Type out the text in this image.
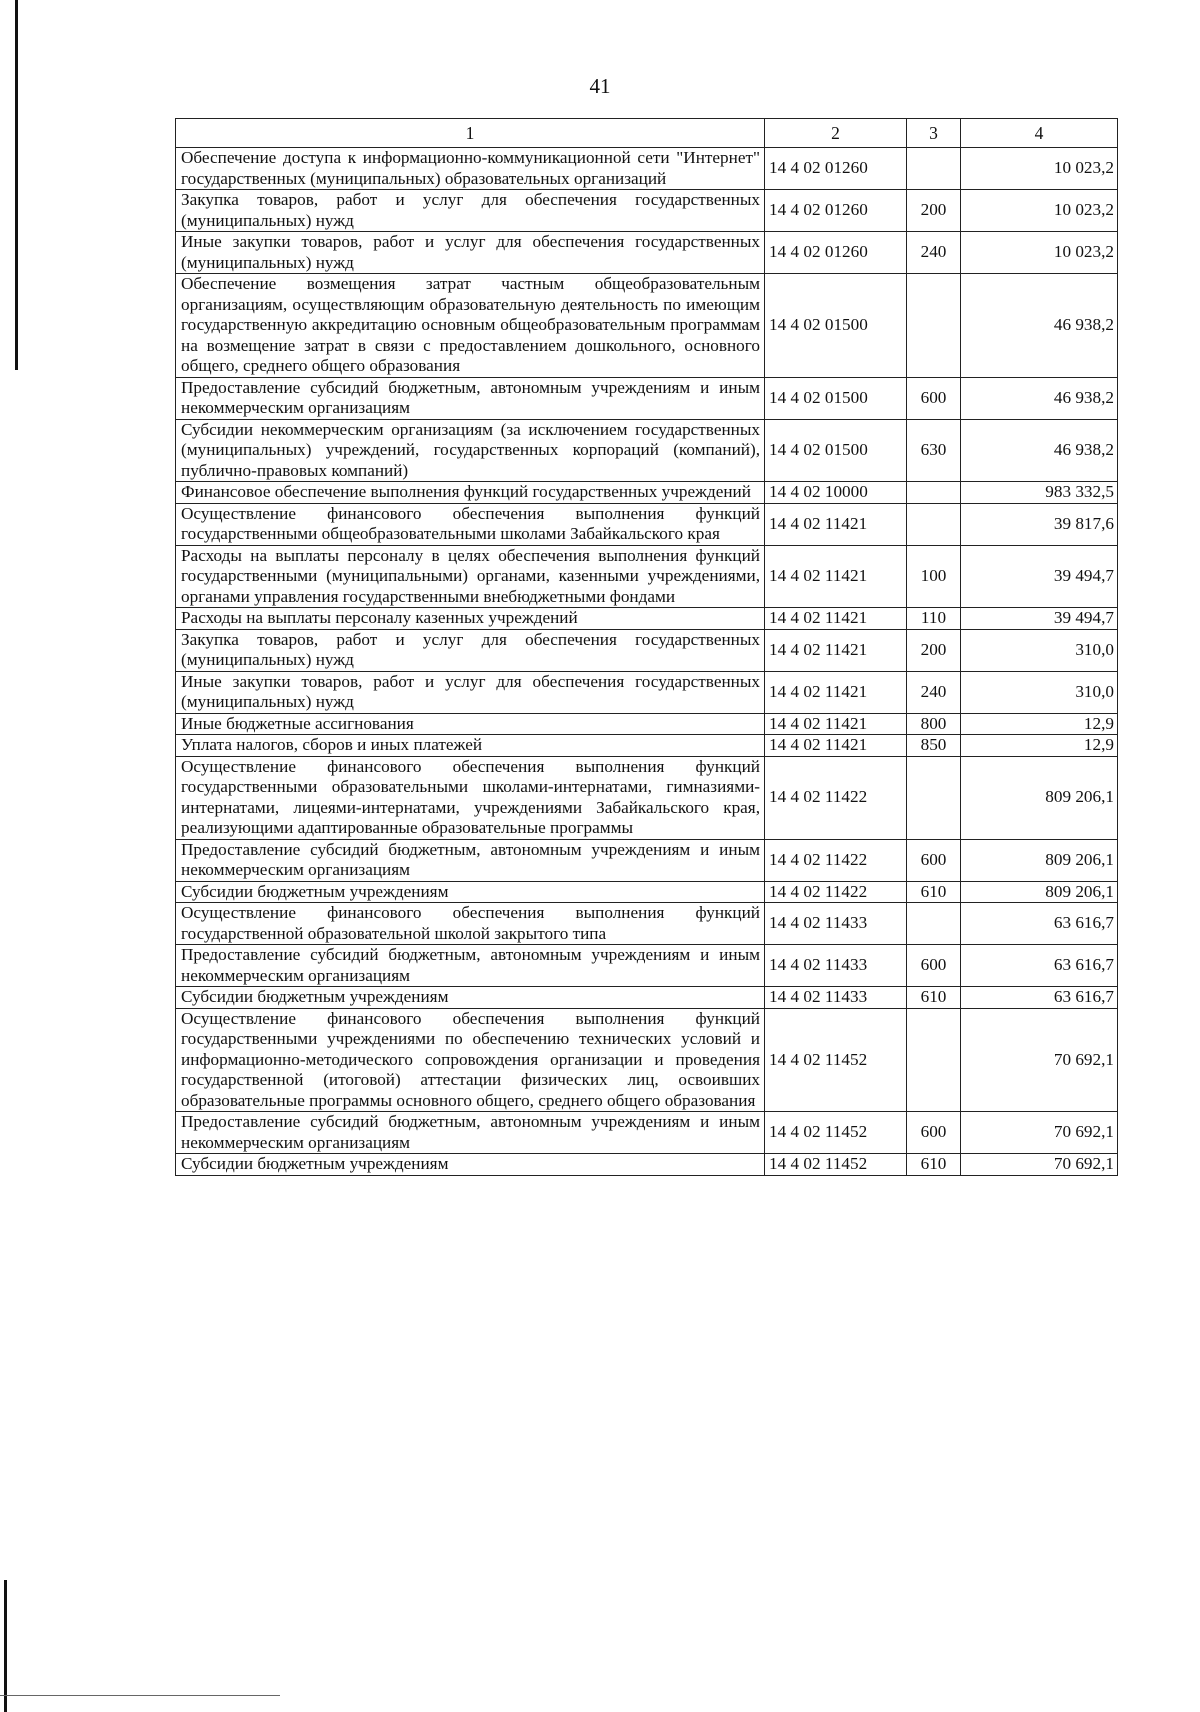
41
1	2	3	4
Обеспечение доступа к информационно-коммуникационной сети "Интернет" государственных (муниципальных) образовательных организаций	14 4 02 01260		10 023,2
Закупка товаров, работ и услуг для обеспечения государственных (муниципальных) нужд	14 4 02 01260	200	10 023,2
Иные закупки товаров, работ и услуг для обеспечения государственных (муниципальных) нужд	14 4 02 01260	240	10 023,2
Обеспечение возмещения затрат частным общеобразовательным организациям, осуществляющим образовательную деятельность по имеющим государственную аккредитацию основным общеобразовательным программам на возмещение затрат в связи с предоставлением дошкольного, основного общего, среднего общего образования	14 4 02 01500		46 938,2
Предоставление субсидий бюджетным, автономным учреждениям и иным некоммерческим организациям	14 4 02 01500	600	46 938,2
Субсидии некоммерческим организациям (за исключением государственных (муниципальных) учреждений, государственных корпораций (компаний), публично-правовых компаний)	14 4 02 01500	630	46 938,2
Финансовое обеспечение выполнения функций государственных учреждений	14 4 02 10000		983 332,5
Осуществление финансового обеспечения выполнения функций государственными общеобразовательными школами Забайкальского края	14 4 02 11421		39 817,6
Расходы на выплаты персоналу в целях обеспечения выполнения функций государственными (муниципальными) органами, казенными учреждениями, органами управления государственными внебюджетными фондами	14 4 02 11421	100	39 494,7
Расходы на выплаты персоналу казенных учреждений	14 4 02 11421	110	39 494,7
Закупка товаров, работ и услуг для обеспечения государственных (муниципальных) нужд	14 4 02 11421	200	310,0
Иные закупки товаров, работ и услуг для обеспечения государственных (муниципальных) нужд	14 4 02 11421	240	310,0
Иные бюджетные ассигнования	14 4 02 11421	800	12,9
Уплата налогов, сборов и иных платежей	14 4 02 11421	850	12,9
Осуществление финансового обеспечения выполнения функций государственными образовательными школами-интернатами, гимназиями-интернатами, лицеями-интернатами, учреждениями Забайкальского края, реализующими адаптированные образовательные программы	14 4 02 11422		809 206,1
Предоставление субсидий бюджетным, автономным учреждениям и иным некоммерческим организациям	14 4 02 11422	600	809 206,1
Субсидии бюджетным учреждениям	14 4 02 11422	610	809 206,1
Осуществление финансового обеспечения выполнения функций государственной образовательной школой закрытого типа	14 4 02 11433		63 616,7
Предоставление субсидий бюджетным, автономным учреждениям и иным некоммерческим организациям	14 4 02 11433	600	63 616,7
Субсидии бюджетным учреждениям	14 4 02 11433	610	63 616,7
Осуществление финансового обеспечения выполнения функций государственными учреждениями по обеспечению технических условий и информационно-методического сопровождения организации и проведения государственной (итоговой) аттестации физических лиц, освоивших образовательные программы основного общего, среднего общего образования	14 4 02 11452		70 692,1
Предоставление субсидий бюджетным, автономным учреждениям и иным некоммерческим организациям	14 4 02 11452	600	70 692,1
Субсидии бюджетным учреждениям	14 4 02 11452	610	70 692,1
